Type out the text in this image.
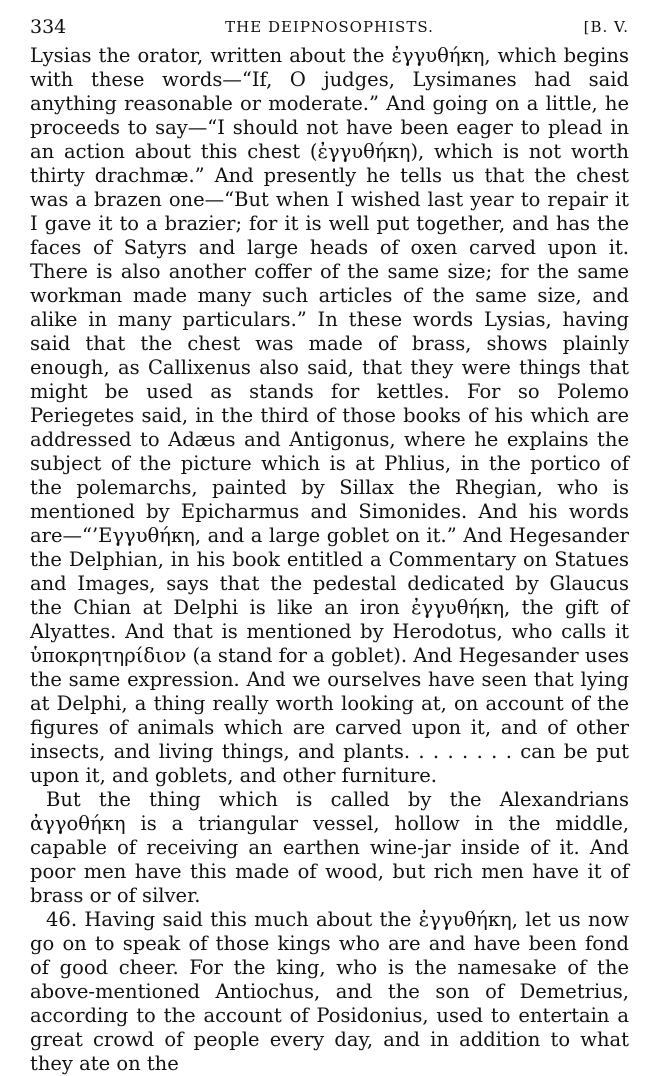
334	THE DEIPNOSOPHISTS.	[B. V.

Lysias the orator, written about the ἐγγυθήκη, which begins with these words—“If, O judges, Lysimanes had said anything reasonable or moderate.” And going on a little, he proceeds to say—“I should not have been eager to plead in an action about this chest (ἐγγυθήκη), which is not worth thirty drachmæ.” And presently he tells us that the chest was a brazen one—“But when I wished last year to repair it I gave it to a brazier; for it is well put together, and has the faces of Satyrs and large heads of oxen carved upon it. There is also another coffer of the same size; for the same workman made many such articles of the same size, and alike in many particulars.” In these words Lysias, having said that the chest was made of brass, shows plainly enough, as Callixenus also said, that they were things that might be used as stands for kettles. For so Polemo Periegetes said, in the third of those books of his which are addressed to Adæus and Antigonus, where he explains the subject of the picture which is at Phlius, in the portico of the polemarchs, painted by Sillax the Rhegian, who is mentioned by Epicharmus and Simonides. And his words are—“’Εγγυθήκη, and a large goblet on it.” And Hegesander the Delphian, in his book entitled a Commentary on Statues and Images, says that the pedestal dedicated by Glaucus the Chian at Delphi is like an iron ἐγγυθήκη, the gift of Alyattes. And that is mentioned by Herodotus, who calls it ὑποκρητηρίδιον (a stand for a goblet). And Hegesander uses the same expression. And we ourselves have seen that lying at Delphi, a thing really worth looking at, on account of the figures of animals which are carved upon it, and of other insects, and living things, and plants. . . . . . . . can be put upon it, and goblets, and other furniture.

But the thing which is called by the Alexandrians ἀγγοθήκη is a triangular vessel, hollow in the middle, capable of receiving an earthen wine-jar inside of it. And poor men have this made of wood, but rich men have it of brass or of silver.

46. Having said this much about the ἐγγυθήκη, let us now go on to speak of those kings who are and have been fond of good cheer. For the king, who is the namesake of the above-mentioned Antiochus, and the son of Demetrius, according to the account of Posidonius, used to entertain a great crowd of people every day, and in addition to what they ate on the
